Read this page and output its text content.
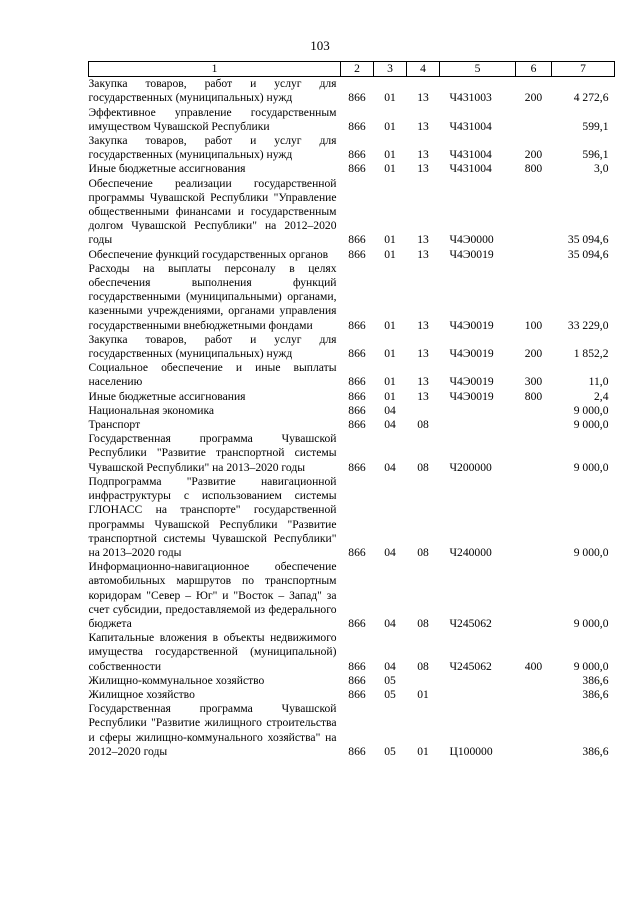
103
1	2	3	4	5	6	7
Закупка товаров, работ и услуг для государственных (муниципальных) нужд	866	01	13	Ч431003	200	4 272,6
Эффективное управление государственным имуществом Чувашской Республики	866	01	13	Ч431004		599,1
Закупка товаров, работ и услуг для государственных (муниципальных) нужд	866	01	13	Ч431004	200	596,1
Иные бюджетные ассигнования	866	01	13	Ч431004	800	3,0
Обеспечение реализации государственной программы Чувашской Республики "Управление общественными финансами и государственным долгом Чувашской Республики" на 2012–2020 годы	866	01	13	Ч4Э0000		35 094,6
Обеспечение функций государственных органов	866	01	13	Ч4Э0019		35 094,6
Расходы на выплаты персоналу в целях обеспечения выполнения функций государственными (муниципальными) органами, казенными учреждениями, органами управления государственными внебюджетными фондами	866	01	13	Ч4Э0019	100	33 229,0
Закупка товаров, работ и услуг для государственных (муниципальных) нужд	866	01	13	Ч4Э0019	200	1 852,2
Социальное обеспечение и иные выплаты населению	866	01	13	Ч4Э0019	300	11,0
Иные бюджетные ассигнования	866	01	13	Ч4Э0019	800	2,4
Национальная экономика	866	04				9 000,0
Транспорт	866	04	08			9 000,0
Государственная программа Чувашской Республики "Развитие транспортной системы Чувашской Республики" на 2013–2020 годы	866	04	08	Ч200000		9 000,0
Подпрограмма "Развитие навигационной инфраструктуры с использованием системы ГЛОНАСС на транспорте" государственной программы Чувашской Республики "Развитие транспортной системы Чувашской Республики" на 2013–2020 годы	866	04	08	Ч240000		9 000,0
Информационно-навигационное обеспечение автомобильных маршрутов по транспортным коридорам "Север – Юг" и "Восток – Запад" за счет субсидии, предоставляемой из федерального бюджета	866	04	08	Ч245062		9 000,0
Капитальные вложения в объекты недвижимого имущества государственной (муниципальной) собственности	866	04	08	Ч245062	400	9 000,0
Жилищно-коммунальное хозяйство	866	05				386,6
Жилищное хозяйство	866	05	01			386,6
Государственная программа Чувашской Республики "Развитие жилищного строительства и сферы жилищно-коммунального хозяйства" на 2012–2020 годы	866	05	01	Ц100000		386,6
